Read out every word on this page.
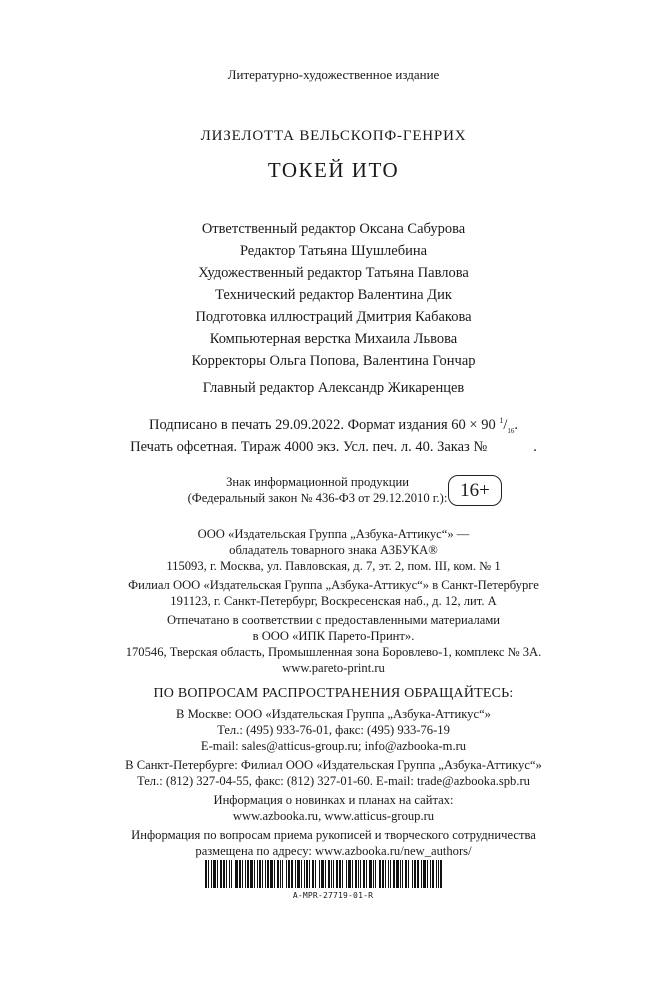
Литературно-художественное издание
ЛИЗЕЛОТТА ВЕЛЬСКОПФ-ГЕНРИХ
ТОКЕЙ ИТО
Ответственный редактор Оксана Сабурова
Редактор Татьяна Шушлебина
Художественный редактор Татьяна Павлова
Технический редактор Валентина Дик
Подготовка иллюстраций Дмитрия Кабакова
Компьютерная верстка Михаила Львова
Корректоры Ольга Попова, Валентина Гончар
Главный редактор Александр Жикаренцев
Подписано в печать 29.09.2022. Формат издания 60 × 90 $^1/_{16}$.
Печать офсетная. Тираж 4000 экз. Усл. печ. л. 40. Заказ №	.
Знак информационной продукции
(Федеральный закон № 436-ФЗ от 29.12.2010 г.): 16+
ООО «Издательская Группа „Азбука-Аттикус“» —
обладатель товарного знака АЗБУКА®
115093, г. Москва, ул. Павловская, д. 7, эт. 2, пом. III, ком. № 1
Филиал ООО «Издательская Группа „Азбука-Аттикус“» в Санкт-Петербурге
191123, г. Санкт-Петербург, Воскресенская наб., д. 12, лит. А
Отпечатано в соответствии с предоставленными материалами
в ООО «ИПК Парето-Принт».
170546, Тверская область, Промышленная зона Боровлево-1, комплекс № 3А.
www.pareto-print.ru
ПО ВОПРОСАМ РАСПРОСТРАНЕНИЯ ОБРАЩАЙТЕСЬ:
В Москве: ООО «Издательская Группа „Азбука-Аттикус“»
Тел.: (495) 933-76-01, факс: (495) 933-76-19
E-mail: sales@atticus-group.ru; info@azbooka-m.ru
В Санкт-Петербурге: Филиал ООО «Издательская Группа „Азбука-Аттикус“»
Тел.: (812) 327-04-55, факс: (812) 327-01-60. E-mail: trade@azbooka.spb.ru
Информация о новинках и планах на сайтах:
www.azbooka.ru, www.atticus-group.ru
Информация по вопросам приема рукописей и творческого сотрудничества
размещена по адресу: www.azbooka.ru/new_authors/
А-MPR-27719-01-R
